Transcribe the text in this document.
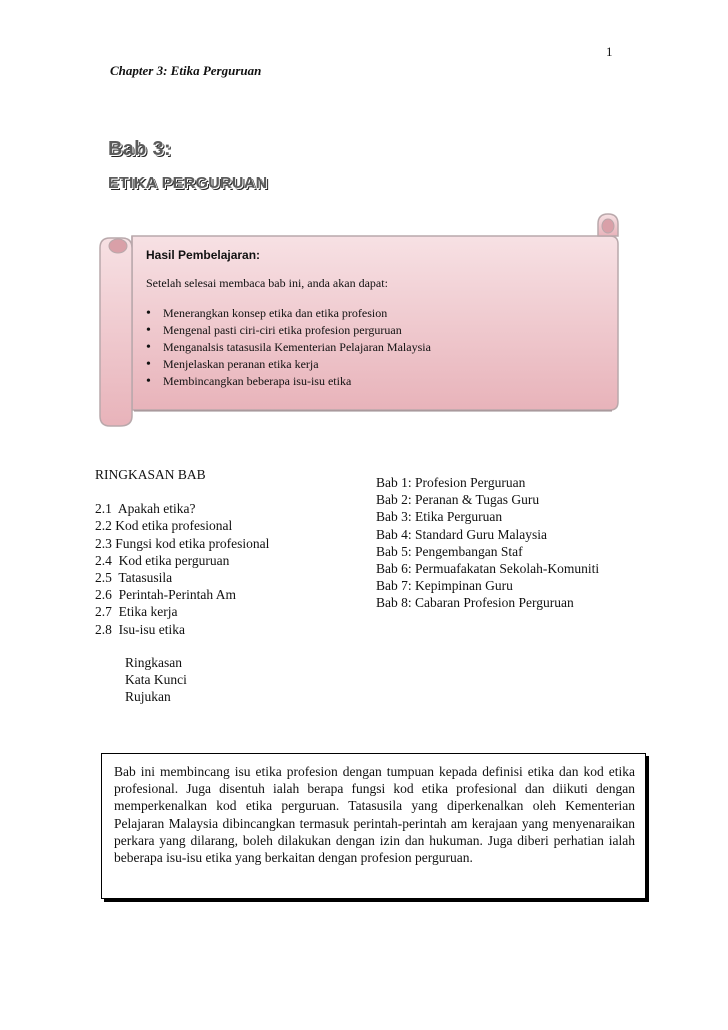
1
Chapter 3: Etika Perguruan
Bab 3:
ETIKA PERGURUAN
Hasil Pembelajaran:
Setelah selesai membaca bab ini, anda akan dapat:
• Menerangkan konsep etika dan etika profesion
• Mengenal pasti ciri-ciri etika profesion perguruan
• Menganalsis tatasusila Kementerian Pelajaran Malaysia
• Menjelaskan peranan etika kerja
• Membincangkan beberapa isu-isu etika
RINGKASAN BAB
2.1  Apakah etika?
2.2 Kod etika profesional
2.3 Fungsi kod etika profesional
2.4  Kod etika perguruan
2.5  Tatasusila
2.6  Perintah-Perintah Am
2.7  Etika kerja
2.8  Isu-isu etika
Ringkasan
Kata Kunci
Rujukan
Bab 1: Profesion Perguruan
Bab 2: Peranan & Tugas Guru
Bab 3: Etika Perguruan
Bab 4: Standard Guru Malaysia
Bab 5: Pengembangan Staf
Bab 6: Permuafakatan Sekolah-Komuniti
Bab 7: Kepimpinan Guru
Bab 8: Cabaran Profesion Perguruan

Bab ini membincang isu etika profesion dengan tumpuan kepada definisi etika dan kod etika profesional. Juga disentuh ialah berapa fungsi kod etika profesional dan diikuti dengan memperkenalkan kod etika perguruan. Tatasusila yang diperkenalkan oleh Kementerian Pelajaran Malaysia dibincangkan termasuk perintah-perintah am kerajaan yang menyenaraikan perkara yang dilarang, boleh dilakukan dengan izin dan hukuman. Juga diberi perhatian ialah beberapa isu-isu etika yang berkaitan dengan profesion perguruan.
